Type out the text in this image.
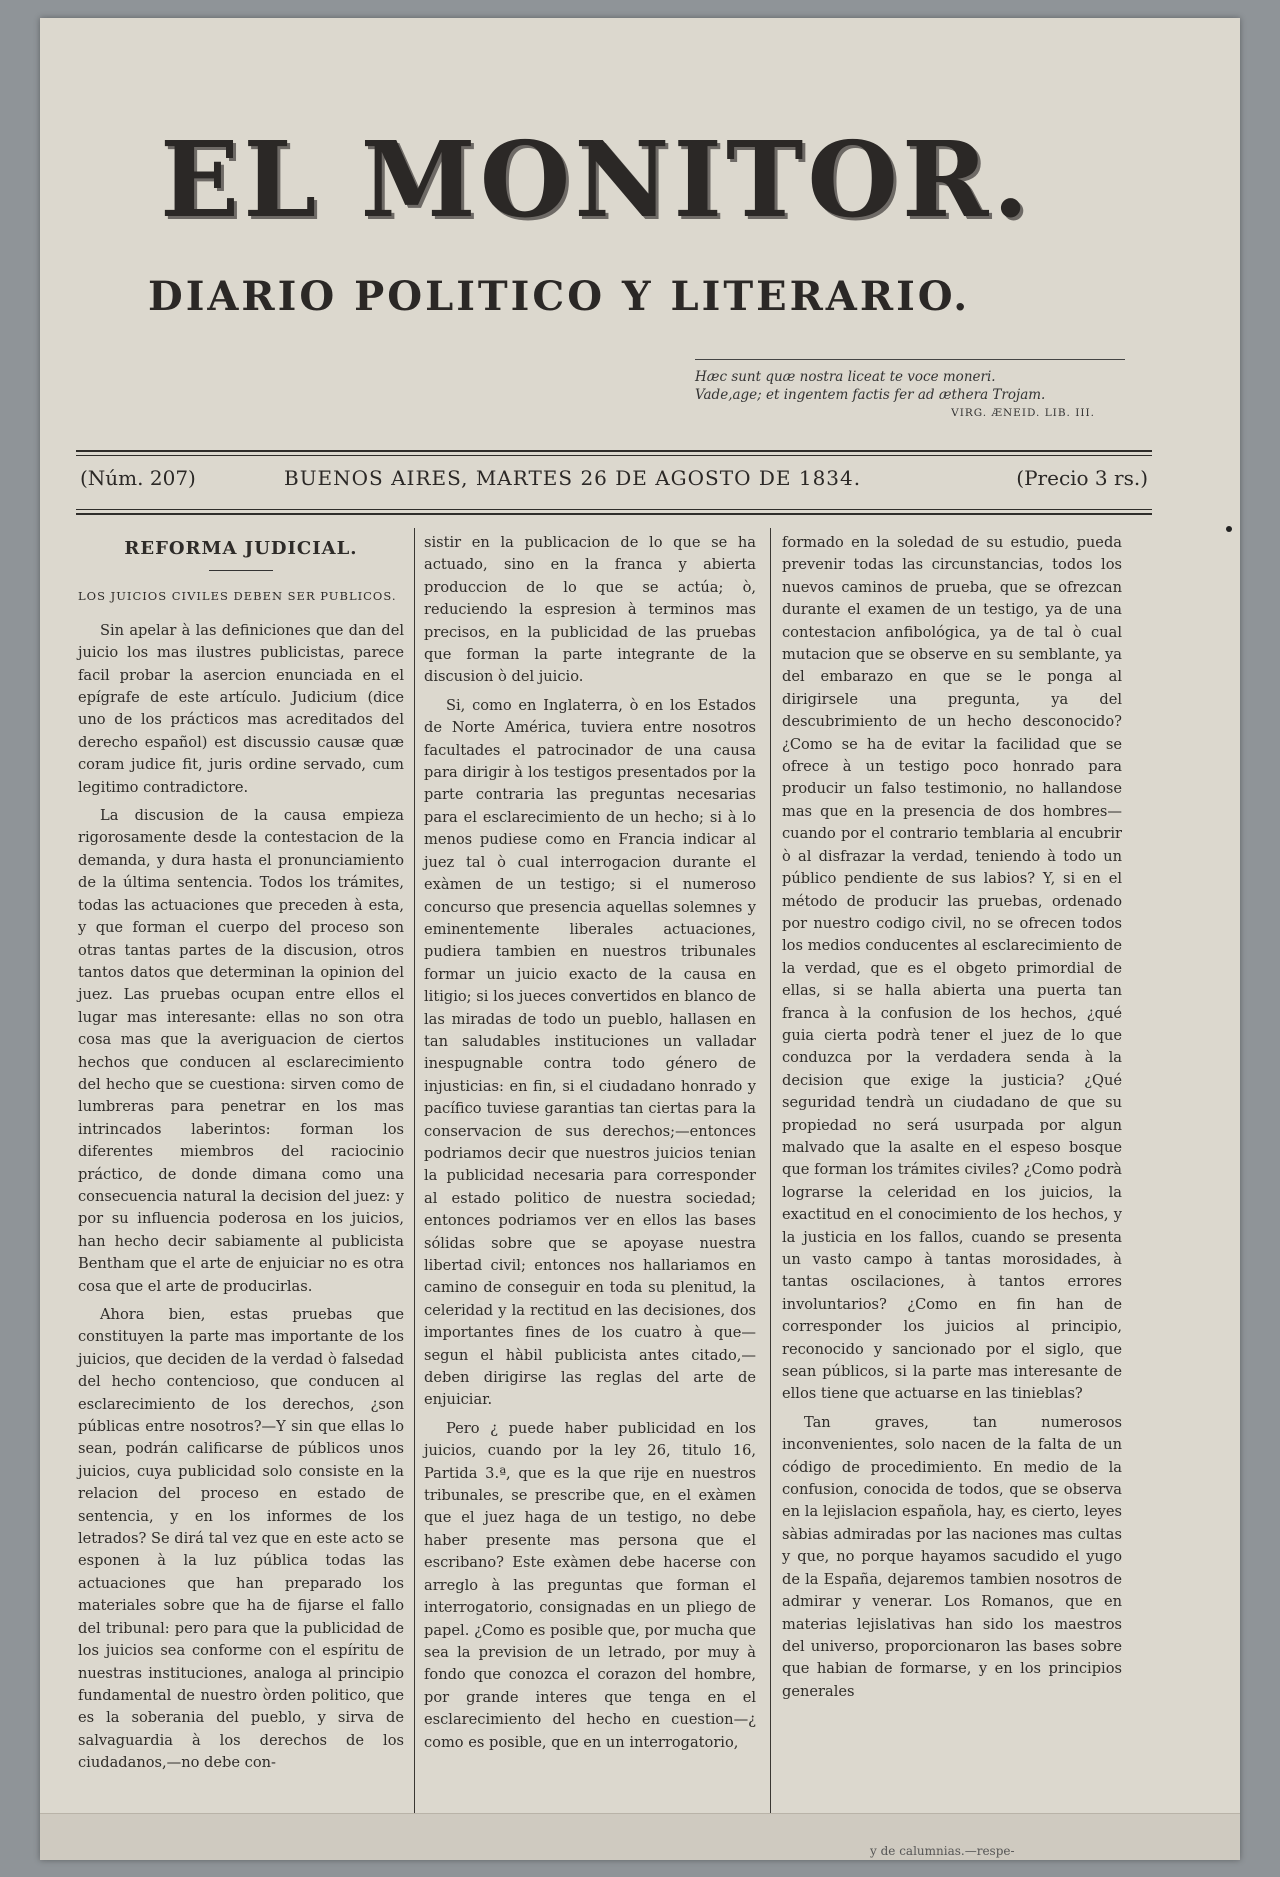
EL MONITOR.
DIARIO POLITICO Y LITERARIO.
Hæc sunt quæ nostra liceat te voce moneri.
Vade,age; et ingentem factis fer ad æthera Trojam.
VIRG. ÆNEID. LIB. III.
(Núm. 207)	BUENOS AIRES, MARTES 26 DE AGOSTO DE 1834.	(Precio 3 rs.)
REFORMA JUDICIAL.
LOS JUICIOS CIVILES DEBEN SER PUBLICOS.

Sin apelar à las definiciones que dan del juicio los mas ilustres publicistas, parece facil probar la asercion enunciada en el epígrafe de este artículo. Judicium (dice uno de los prácticos mas acreditados del derecho español) est discussio causæ quæ coram judice fit, juris ordine servado, cum legitimo contradictore.

La discusion de la causa empieza rigorosamente desde la contestacion de la demanda, y dura hasta el pronunciamiento de la última sentencia. Todos los trámites, todas las actuaciones que preceden à esta, y que forman el cuerpo del proceso son otras tantas partes de la discusion, otros tantos datos que determinan la opinion del juez. Las pruebas ocupan entre ellos el lugar mas interesante: ellas no son otra cosa mas que la averiguacion de ciertos hechos que conducen al esclarecimiento del hecho que se cuestiona: sirven como de lumbreras para penetrar en los mas intrincados laberintos: forman los diferentes miembros del raciocinio práctico, de donde dimana como una consecuencia natural la decision del juez: y por su influencia poderosa en los juicios, han hecho decir sabiamente al publicista Bentham que el arte de enjuiciar no es otra cosa que el arte de producirlas.

Ahora bien, estas pruebas que constituyen la parte mas importante de los juicios, que deciden de la verdad ò falsedad del hecho contencioso, que conducen al esclarecimiento de los derechos, ¿son públicas entre nosotros?—Y sin que ellas lo sean, podrán calificarse de públicos unos juicios, cuya publicidad solo consiste en la relacion del proceso en estado de sentencia, y en los informes de los letrados? Se dirá tal vez que en este acto se esponen à la luz pública todas las actuaciones que han preparado los materiales sobre que ha de fijarse el fallo del tribunal: pero para que la publicidad de los juicios sea conforme con el espíritu de nuestras instituciones, analoga al principio fundamental de nuestro òrden politico, que es la soberania del pueblo, y sirva de salvaguardia à los derechos de los ciudadanos,—no debe con-

sistir en la publicacion de lo que se ha actuado, sino en la franca y abierta produccion de lo que se actúa; ò, reduciendo la espresion à terminos mas precisos, en la publicidad de las pruebas que forman la parte integrante de la discusion ò del juicio.

Si, como en Inglaterra, ò en los Estados de Norte América, tuviera entre nosotros facultades el patrocinador de una causa para dirigir à los testigos presentados por la parte contraria las preguntas necesarias para el esclarecimiento de un hecho; si à lo menos pudiese como en Francia indicar al juez tal ò cual interrogacion durante el exàmen de un testigo; si el numeroso concurso que presencia aquellas solemnes y eminentemente liberales actuaciones, pudiera tambien en nuestros tribunales formar un juicio exacto de la causa en litigio; si los jueces convertidos en blanco de las miradas de todo un pueblo, hallasen en tan saludables instituciones un valladar inespugnable contra todo género de injusticias: en fin, si el ciudadano honrado y pacífico tuviese garantias tan ciertas para la conservacion de sus derechos;—entonces podriamos decir que nuestros juicios tenian la publicidad necesaria para corresponder al estado politico de nuestra sociedad; entonces podriamos ver en ellos las bases sólidas sobre que se apoyase nuestra libertad civil; entonces nos hallariamos en camino de conseguir en toda su plenitud, la celeridad y la rectitud en las decisiones, dos importantes fines de los cuatro à que—segun el hàbil publicista antes citado,—deben dirigirse las reglas del arte de enjuiciar.

Pero ¿ puede haber publicidad en los juicios, cuando por la ley 26, titulo 16, Partida 3.ª, que es la que rije en nuestros tribunales, se prescribe que, en el exàmen que el juez haga de un testigo, no debe haber presente mas persona que el escribano? Este exàmen debe hacerse con arreglo à las preguntas que forman el interrogatorio, consignadas en un pliego de papel. ¿Como es posible que, por mucha que sea la prevision de un letrado, por muy à fondo que conozca el corazon del hombre, por grande interes que tenga en el esclarecimiento del hecho en cuestion—¿ como es posible, que en un interrogatorio,

formado en la soledad de su estudio, pueda prevenir todas las circunstancias, todos los nuevos caminos de prueba, que se ofrezcan durante el examen de un testigo, ya de una contestacion anfibológica, ya de tal ò cual mutacion que se observe en su semblante, ya del embarazo en que se le ponga al dirigirsele una pregunta, ya del descubrimiento de un hecho desconocido? ¿Como se ha de evitar la facilidad que se ofrece à un testigo poco honrado para producir un falso testimonio, no hallandose mas que en la presencia de dos hombres—cuando por el contrario temblaria al encubrir ò al disfrazar la verdad, teniendo à todo un público pendiente de sus labios? Y, si en el método de producir las pruebas, ordenado por nuestro codigo civil, no se ofrecen todos los medios conducentes al esclarecimiento de la verdad, que es el obgeto primordial de ellas, si se halla abierta una puerta tan franca à la confusion de los hechos, ¿qué guia cierta podrà tener el juez de lo que conduzca por la verdadera senda à la decision que exige la justicia? ¿Qué seguridad tendrà un ciudadano de que su propiedad no será usurpada por algun malvado que la asalte en el espeso bosque que forman los trámites civiles? ¿Como podrà lograrse la celeridad en los juicios, la exactitud en el conocimiento de los hechos, y la justicia en los fallos, cuando se presenta un vasto campo à tantas morosidades, à tantas oscilaciones, à tantos errores involuntarios? ¿Como en fin han de corresponder los juicios al principio, reconocido y sancionado por el siglo, que sean públicos, si la parte mas interesante de ellos tiene que actuarse en las tinieblas?

Tan graves, tan numerosos inconvenientes, solo nacen de la falta de un código de procedimiento. En medio de la confusion, conocida de todos, que se observa en la lejislacion española, hay, es cierto, leyes sàbias admiradas por las naciones mas cultas y que, no porque hayamos sacudido el yugo de la España, dejaremos tambien nosotros de admirar y venerar. Los Romanos, que en materias lejislativas han sido los maestros del universo, proporcionaron las bases sobre que habian de formarse, y en los principios generales

y de calumnias.—respe-
